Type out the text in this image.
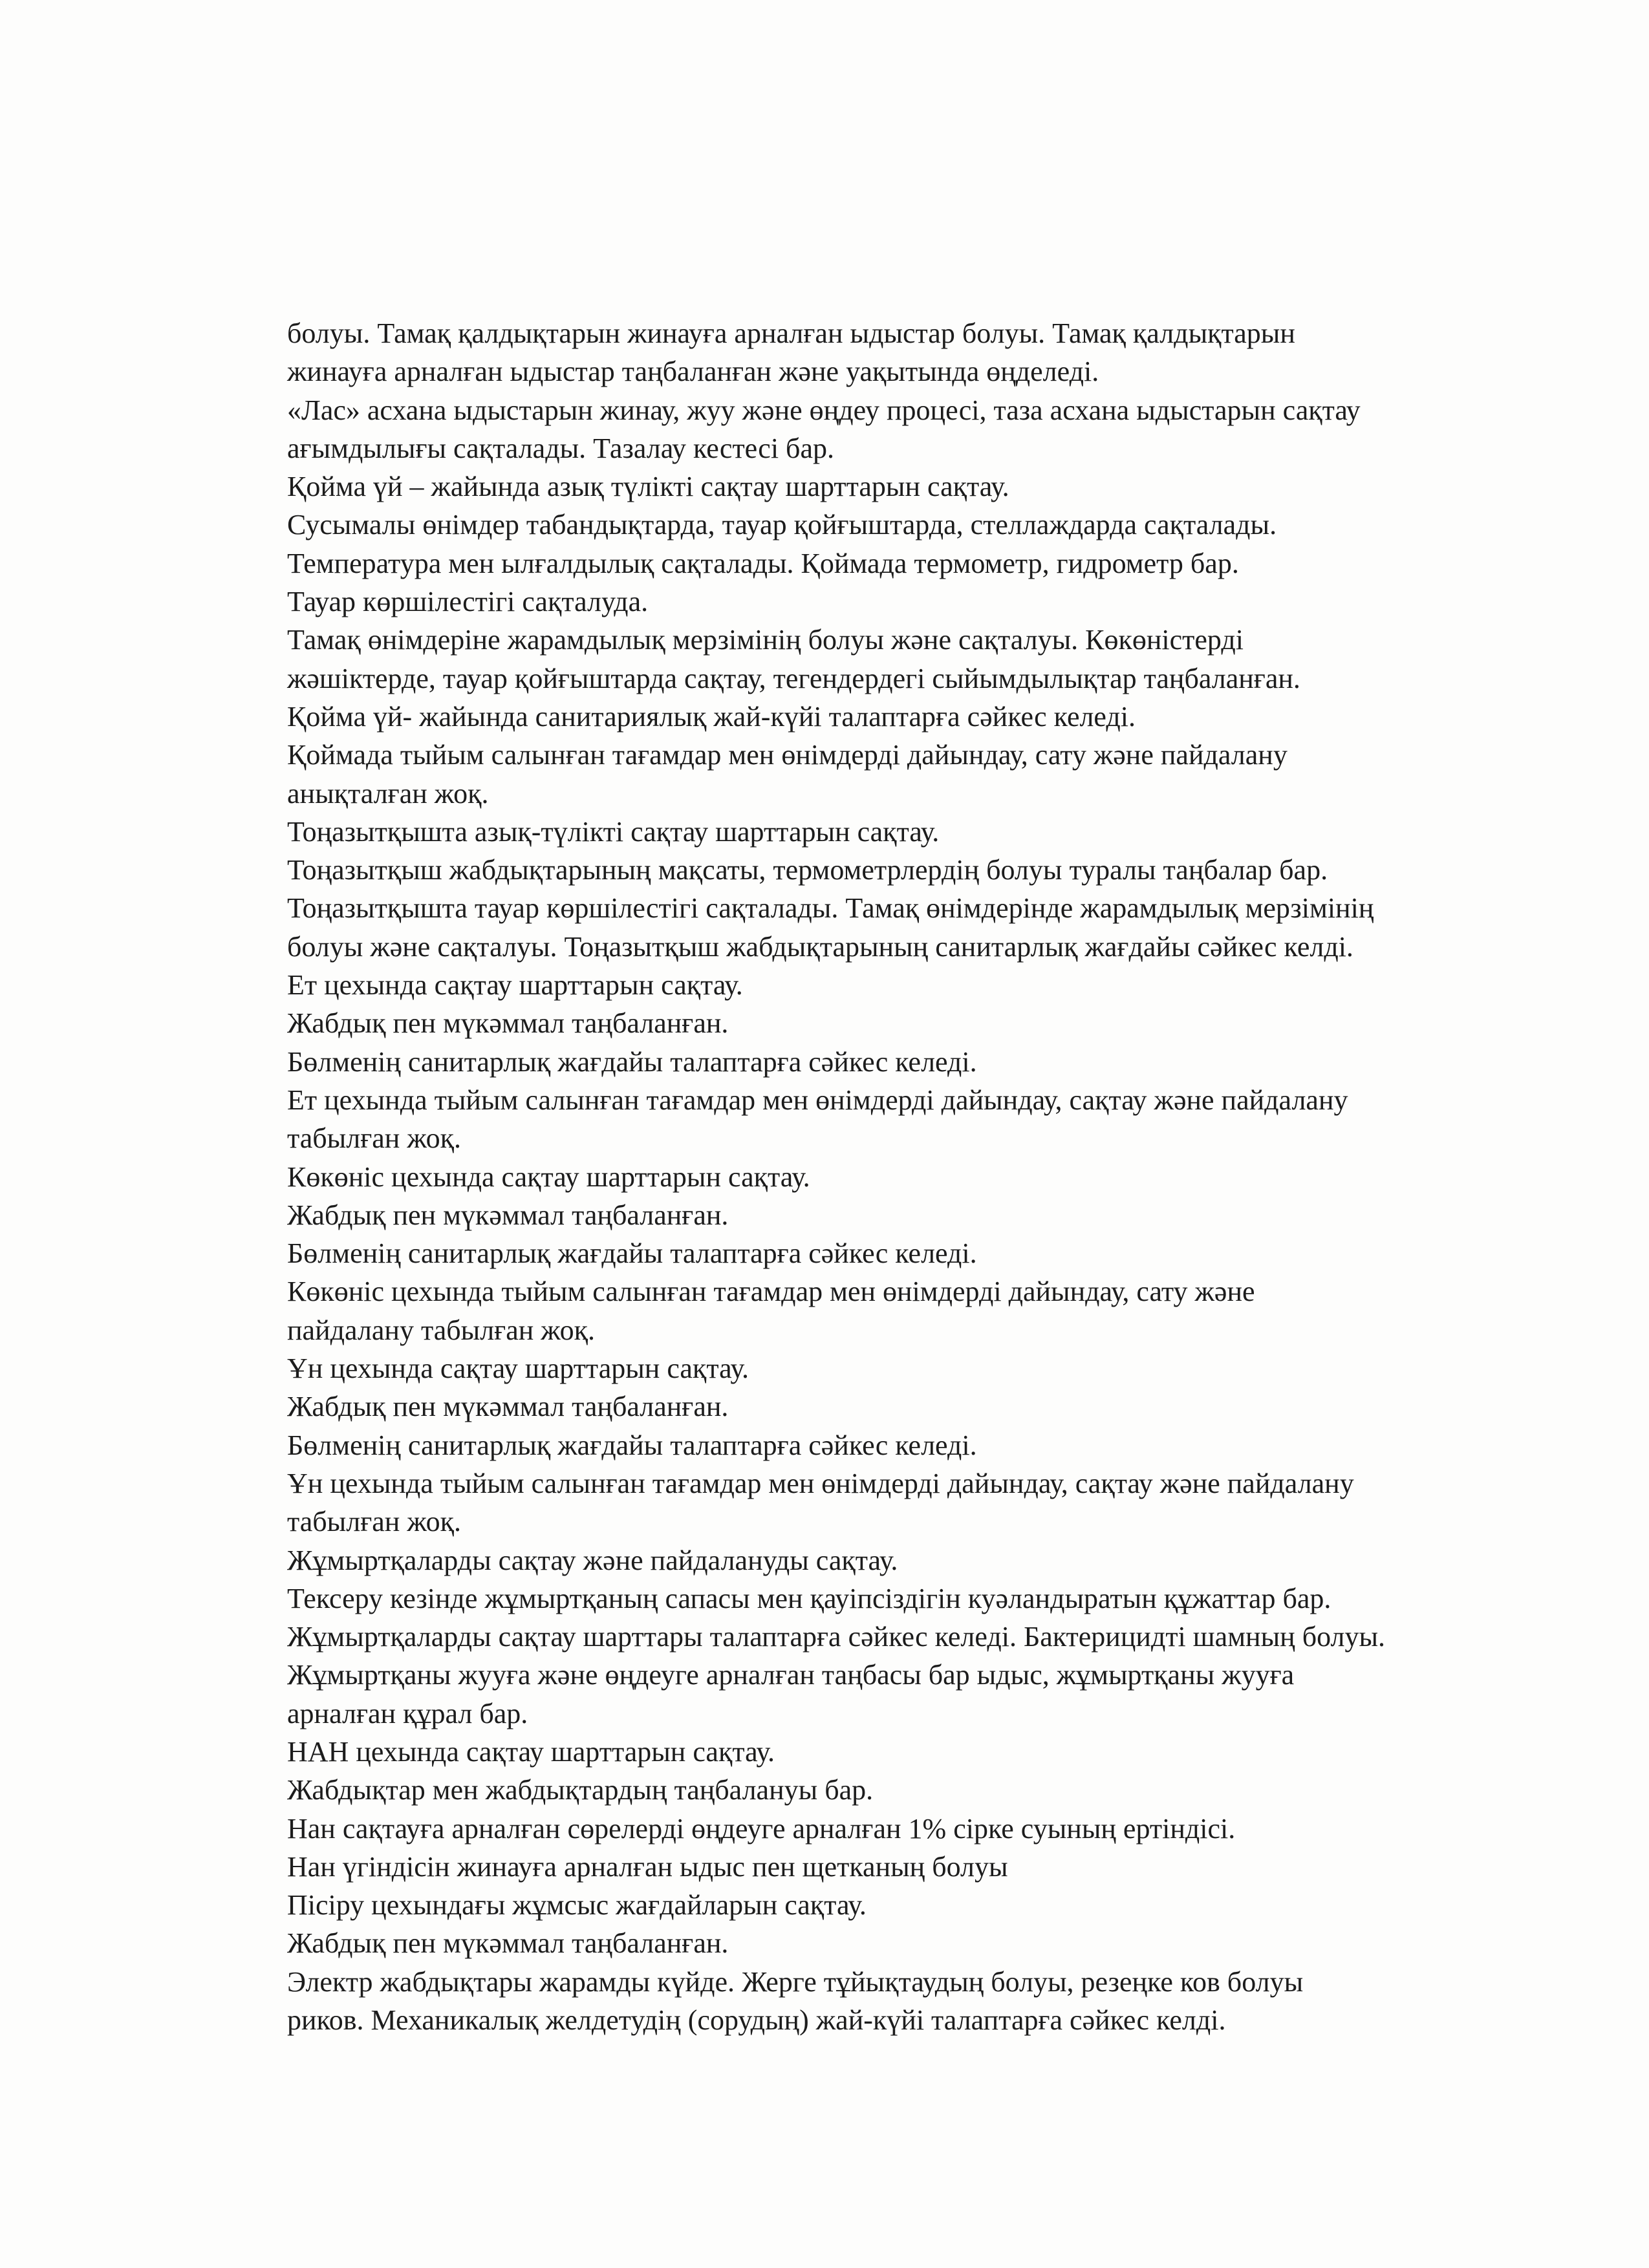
болуы. Тамақ қалдықтарын жинауға арналған ыдыстар болуы. Тамақ қалдықтарын

жинауға арналған ыдыстар таңбаланған және уақытында өңделеді.

«Лас» асхана ыдыстарын жинау, жуу және өңдеу процесі, таза асхана ыдыстарын сақтау

ағымдылығы сақталады. Тазалау кестесі бар.

Қойма үй – жайында азық түлікті сақтау шарттарын сақтау.

Сусымалы өнімдер табандықтарда, тауар қойғыштарда, стеллаждарда сақталады.

Температура мен ылғалдылық сақталады. Қоймада термометр, гидрометр бар.

Тауар көршілестігі сақталуда.

Тамақ өнімдеріне жарамдылық мерзімінің болуы және сақталуы. Көкөністерді

жәшіктерде, тауар қойғыштарда сақтау, тегендердегі сыйымдылықтар таңбаланған.

Қойма үй- жайында санитариялық жай-күйі талаптарға сәйкес келеді.

Қоймада тыйым салынған тағамдар мен өнімдерді дайындау, сату және пайдалану

анықталған жоқ.

Тоңазытқышта азық-түлікті сақтау шарттарын сақтау.

Тоңазытқыш жабдықтарының мақсаты, термометрлердің болуы туралы таңбалар бар.

Тоңазытқышта тауар көршілестігі сақталады. Тамақ өнімдерінде жарамдылық мерзімінің

болуы және сақталуы. Тоңазытқыш жабдықтарының санитарлық жағдайы сәйкес келді.

Ет цехында сақтау шарттарын сақтау.

Жабдық пен мүкәммал таңбаланған.

Бөлменің санитарлық жағдайы талаптарға сәйкес келеді.

Ет цехында тыйым салынған тағамдар мен өнімдерді дайындау, сақтау және пайдалану

табылған жоқ.

Көкөніс цехында сақтау шарттарын сақтау.

Жабдық пен мүкәммал таңбаланған.

Бөлменің санитарлық жағдайы талаптарға сәйкес келеді.

Көкөніс цехында тыйым салынған тағамдар мен өнімдерді дайындау, сату және

пайдалану табылған жоқ.

Ұн цехында сақтау шарттарын сақтау.

Жабдық пен мүкәммал таңбаланған.

Бөлменің санитарлық жағдайы талаптарға сәйкес келеді.

Ұн цехында тыйым салынған тағамдар мен өнімдерді дайындау, сақтау және пайдалану

табылған жоқ.

Жұмыртқаларды сақтау және пайдалануды сақтау.

Тексеру кезінде жұмыртқаның сапасы мен қауіпсіздігін куәландыратын құжаттар бар.

Жұмыртқаларды сақтау шарттары талаптарға сәйкес келеді. Бактерицидті шамның болуы.

Жұмыртқаны жууға және өңдеуге арналған таңбасы бар ыдыс, жұмыртқаны жууға

арналған құрал бар.

НАН цехында сақтау шарттарын сақтау.

Жабдықтар мен жабдықтардың таңбалануы бар.

Нан сақтауға арналған сөрелерді өңдеуге арналған 1% сірке суының ертіндісі.

Нан үгіндісін жинауға арналған ыдыс пен щетканың болуы

Пісіру цехындағы жұмсыс жағдайларын сақтау.

Жабдық пен мүкәммал таңбаланған.

Электр жабдықтары жарамды күйде. Жерге тұйықтаудың болуы, резеңке ков болуы

риков. Механикалық желдетудің (сорудың) жай-күйі талаптарға сәйкес келді.
